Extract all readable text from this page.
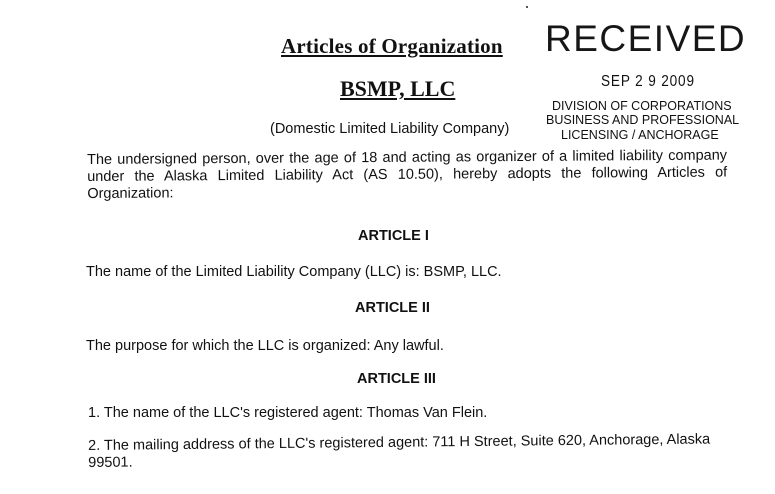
Articles of Organization
BSMP, LLC
(Domestic Limited Liability Company)
RECEIVED
SEP 2 9 2009
DIVISION OF CORPORATIONS
BUSINESS AND PROFESSIONAL
LICENSING / ANCHORAGE
The undersigned person, over the age of 18 and acting as organizer of a limited liability company under the Alaska Limited Liability Act (AS 10.50), hereby adopts the following Articles of Organization:
ARTICLE I
The name of the Limited Liability Company (LLC) is: BSMP, LLC.
ARTICLE II
The purpose for which the LLC is organized: Any lawful.
ARTICLE III
1. The name of the LLC's registered agent: Thomas Van Flein.
2. The mailing address of the LLC's registered agent: 711 H Street, Suite 620, Anchorage, Alaska 99501.
